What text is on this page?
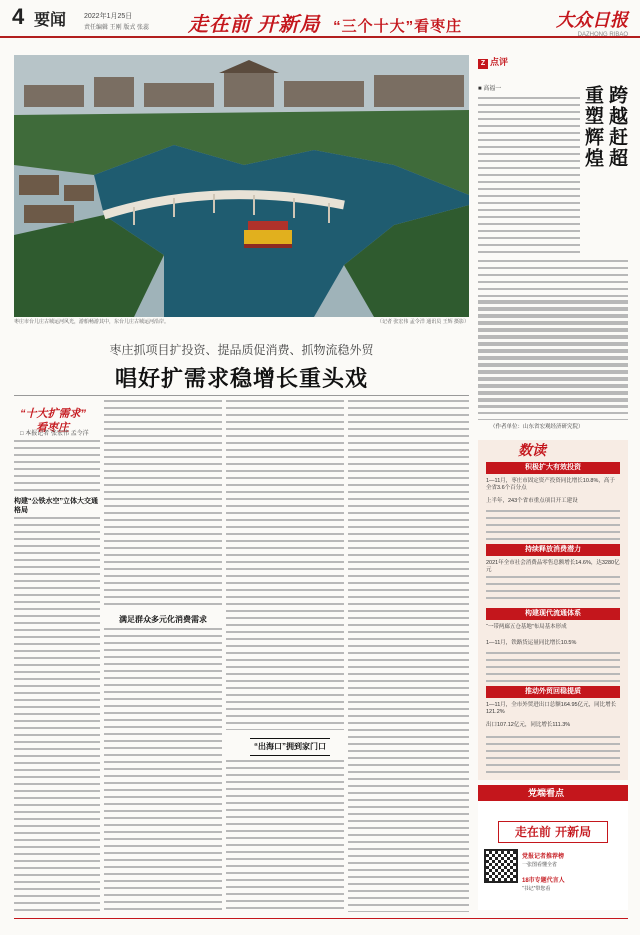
4 要闻	2022年1月25日
责任编辑 王刚 版式 张蕊 走在前 开新局 “三个十大”看枣庄	大众日报
DAZHONG RIBAO
枣庄市台儿庄古城运河风光，游船畅游其中，东台儿庄古城运河沿岸。	（记者 张宏伟 孟令洋 通讯员 王辉 摄影）
Z 点评
■ 高福一	跨越赶超
重塑辉煌
（作者单位：山东省宏观经济研究院）
枣庄抓项目扩投资、提品质促消费、抓物流稳外贸
唱好扩需求稳增长重头戏
“十大扩需求”
看枣庄
□ 本报记者 张宏伟 孟令洋
构建“公铁水空”立体大交通格局
满足群众多元化消费需求
“出海口”拥到家门口
数读
积极扩大有效投资
1—11月，枣庄市固定资产投资同比增长10.8%，高于全省3.6个百分点
上半年，243个省市重点项目开工建设
持续释放消费潜力
2021年全市社会消费品零售总额增长14.6%，达3280亿元
构建现代流通体系
“一带两廊五仓基地”布局基本形成
1—11月，铁路货运量同比增长10.5%
推动外贸回稳提质
1—11月，全市外贸进出口总额164.95亿元，同比增长121.2%
出口107.12亿元，同比增长111.3%
党端看点
走在前 开新局
党报记者推荐榜
一张图看懂全省
18市专题代言人
“书记”带您看
